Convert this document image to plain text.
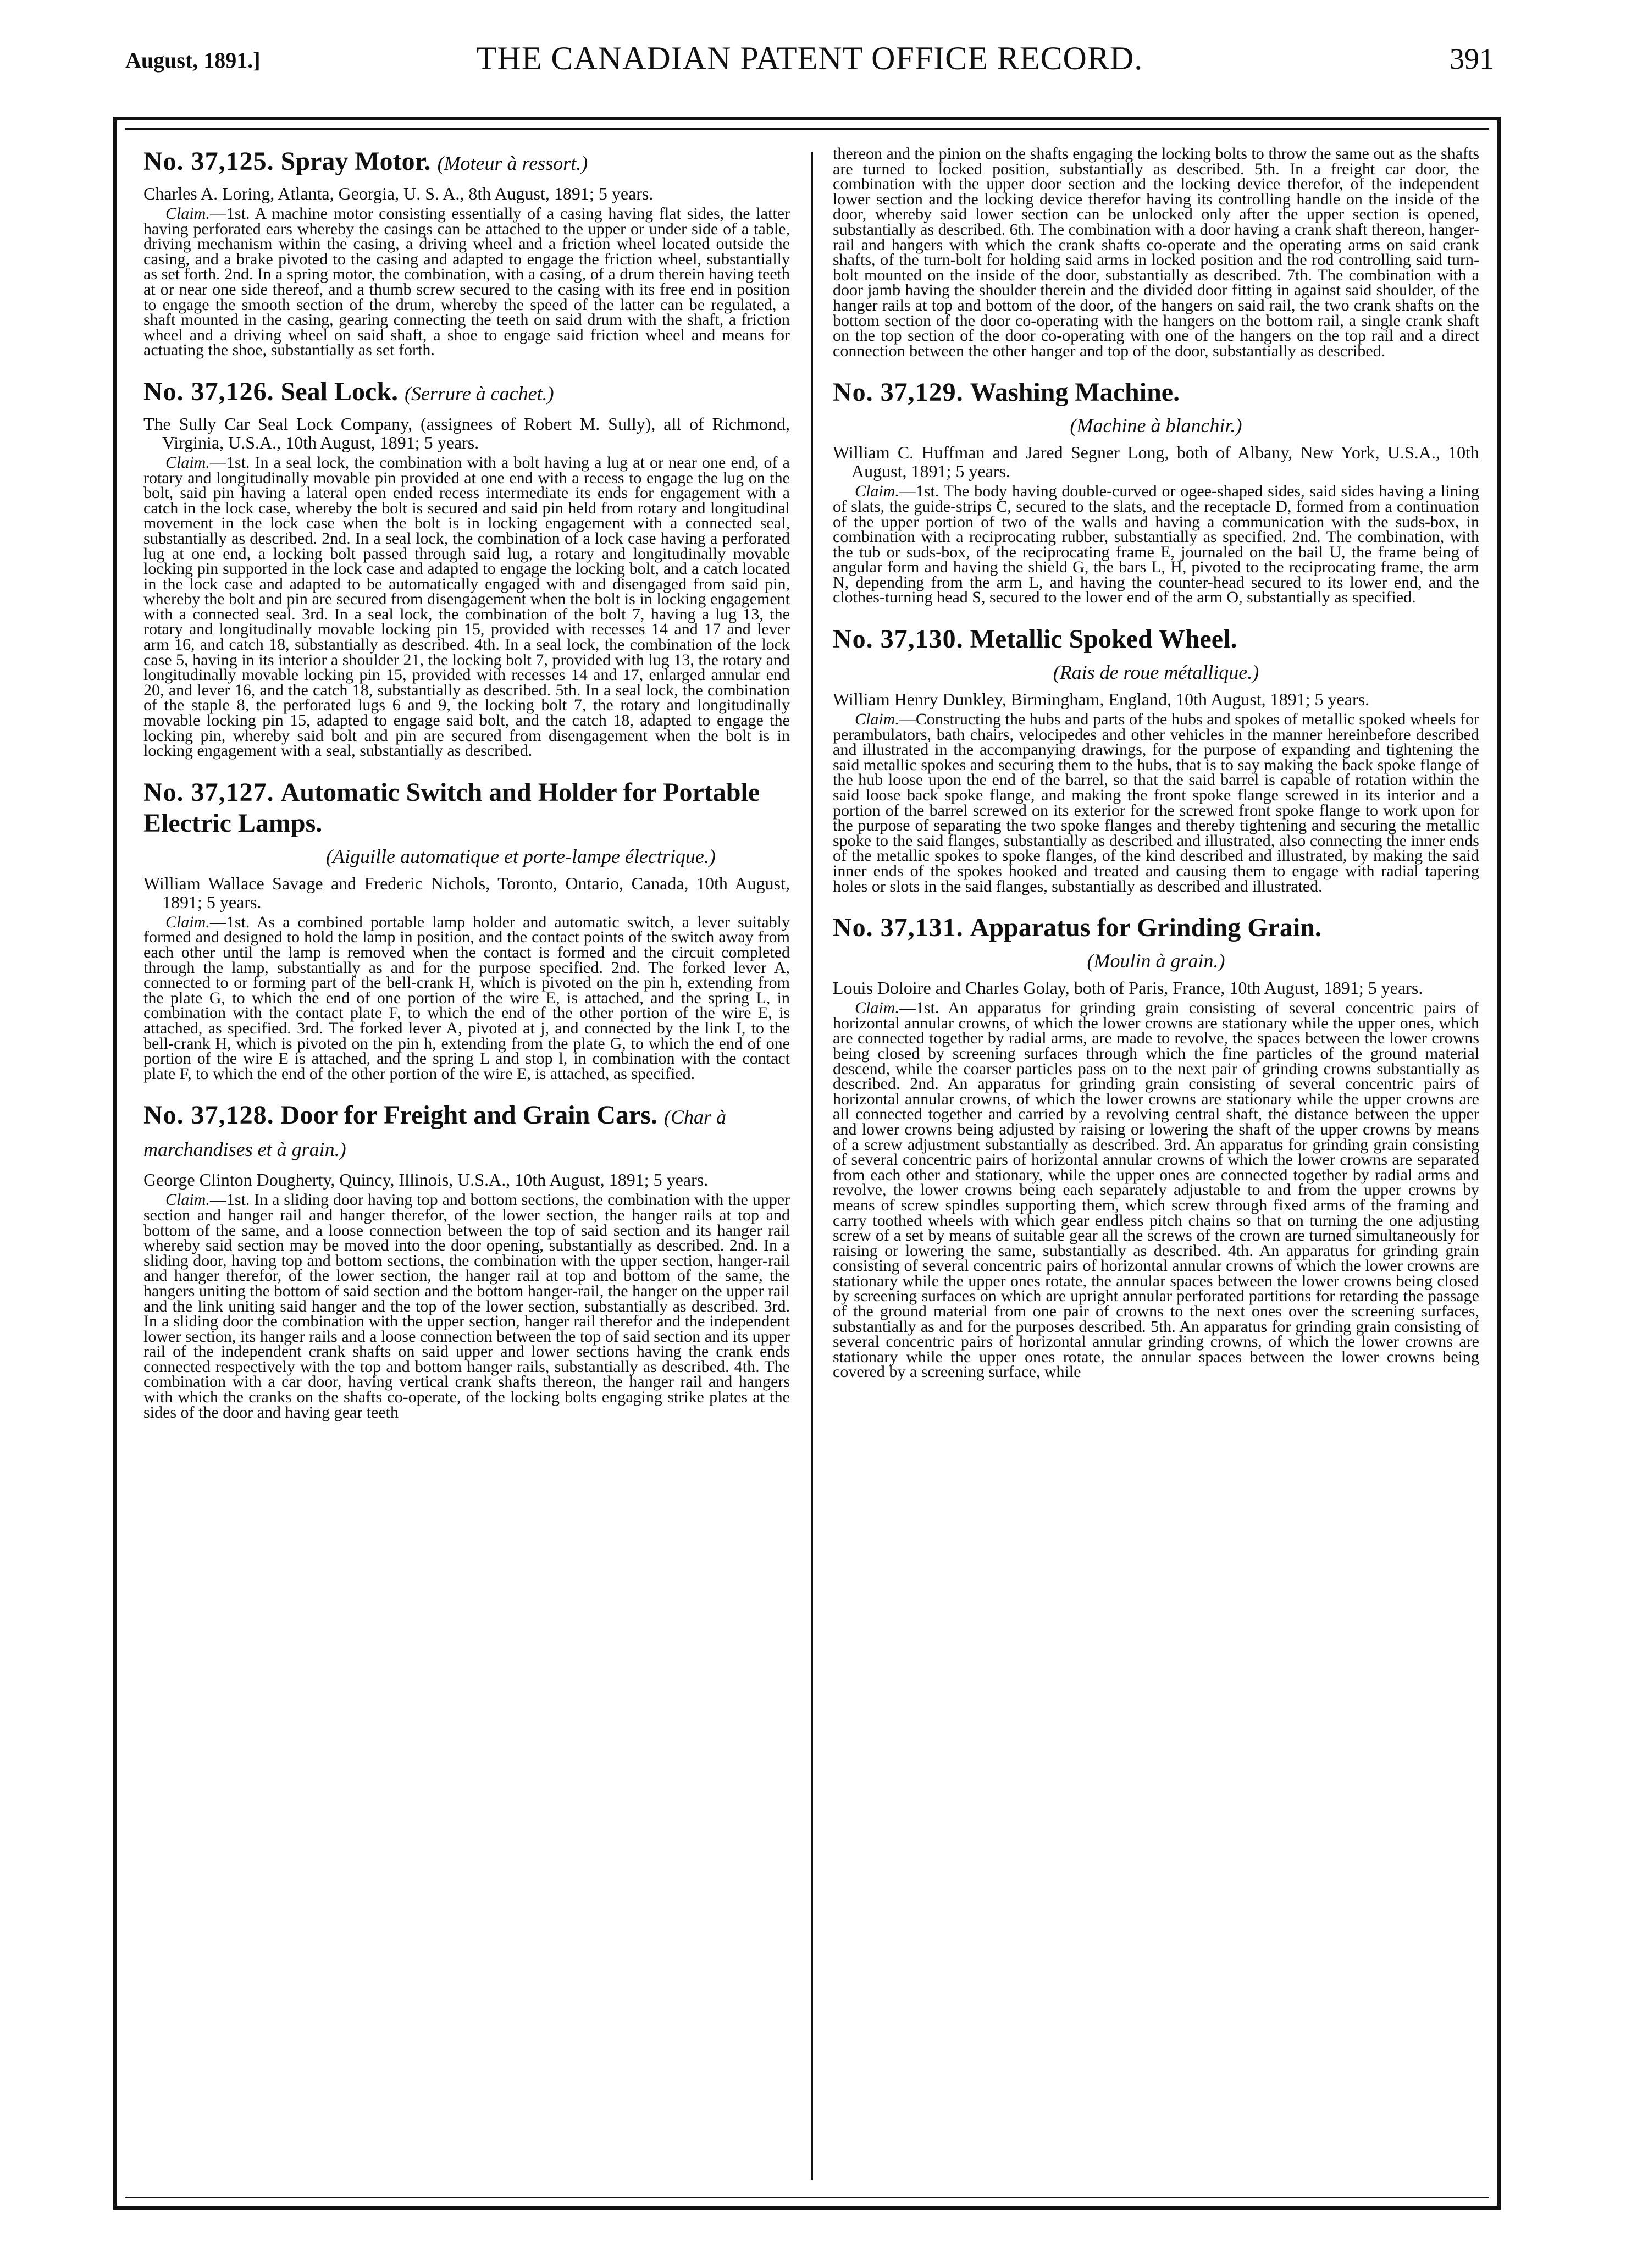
August, 1891.]	THE CANADIAN PATENT OFFICE RECORD.	391
No. 37,125. Spray Motor. (Moteur à ressort.)

Charles A. Loring, Atlanta, Georgia, U. S. A., 8th August, 1891; 5 years.

Claim.—1st. A machine motor consisting essentially of a casing having flat sides, the latter having perforated ears whereby the casings can be attached to the upper or under side of a table, driving mechanism within the casing, a driving wheel and a friction wheel located outside the casing, and a brake pivoted to the casing and adapted to engage the friction wheel, substantially as set forth. 2nd. In a spring motor, the combination, with a casing, of a drum therein having teeth at or near one side thereof, and a thumb screw secured to the casing with its free end in position to engage the smooth section of the drum, whereby the speed of the latter can be regulated, a shaft mounted in the casing, gearing connecting the teeth on said drum with the shaft, a friction wheel and a driving wheel on said shaft, a shoe to engage said friction wheel and means for actuating the shoe, substantially as set forth.

No. 37,126. Seal Lock. (Serrure à cachet.)

The Sully Car Seal Lock Company, (assignees of Robert M. Sully), all of Richmond, Virginia, U.S.A., 10th August, 1891; 5 years.

Claim.—1st. In a seal lock, the combination with a bolt having a lug at or near one end, of a rotary and longitudinally movable pin provided at one end with a recess to engage the lug on the bolt, said pin having a lateral open ended recess intermediate its ends for engagement with a catch in the lock case, whereby the bolt is secured and said pin held from rotary and longitudinal movement in the lock case when the bolt is in locking engagement with a connected seal, substantially as described. 2nd. In a seal lock, the combination of a lock case having a perforated lug at one end, a locking bolt passed through said lug, a rotary and longitudinally movable locking pin supported in the lock case and adapted to engage the locking bolt, and a catch located in the lock case and adapted to be automatically engaged with and disengaged from said pin, whereby the bolt and pin are secured from disengagement when the bolt is in locking engagement with a connected seal. 3rd. In a seal lock, the combination of the bolt 7, having a lug 13, the rotary and longitudinally movable locking pin 15, provided with recesses 14 and 17 and lever arm 16, and catch 18, substantially as described. 4th. In a seal lock, the combination of the lock case 5, having in its interior a shoulder 21, the locking bolt 7, provided with lug 13, the rotary and longitudinally movable locking pin 15, provided with recesses 14 and 17, enlarged annular end 20, and lever 16, and the catch 18, substantially as described. 5th. In a seal lock, the combination of the staple 8, the perforated lugs 6 and 9, the locking bolt 7, the rotary and longitudinally movable locking pin 15, adapted to engage said bolt, and the catch 18, adapted to engage the locking pin, whereby said bolt and pin are secured from disengagement when the bolt is in locking engagement with a seal, substantially as described.

No. 37,127. Automatic Switch and Holder for Portable Electric Lamps.
(Aiguille automatique et porte-lampe électrique.)

William Wallace Savage and Frederic Nichols, Toronto, Ontario, Canada, 10th August, 1891; 5 years.

Claim.—1st. As a combined portable lamp holder and automatic switch, a lever suitably formed and designed to hold the lamp in position, and the contact points of the switch away from each other until the lamp is removed when the contact is formed and the circuit completed through the lamp, substantially as and for the purpose specified. 2nd. The forked lever A, connected to or forming part of the bell-crank H, which is pivoted on the pin h, extending from the plate G, to which the end of one portion of the wire E, is attached, and the spring L, in combination with the contact plate F, to which the end of the other portion of the wire E, is attached, as specified. 3rd. The forked lever A, pivoted at j, and connected by the link I, to the bell-crank H, which is pivoted on the pin h, extending from the plate G, to which the end of one portion of the wire E is attached, and the spring L and stop l, in combination with the contact plate F, to which the end of the other portion of the wire E, is attached, as specified.

No. 37,128. Door for Freight and Grain Cars. (Char à marchandises et à grain.)

George Clinton Dougherty, Quincy, Illinois, U.S.A., 10th August, 1891; 5 years.

Claim.—1st. In a sliding door having top and bottom sections, the combination with the upper section and hanger rail and hanger therefor, of the lower section, the hanger rails at top and bottom of the same, and a loose connection between the top of said section and its hanger rail whereby said section may be moved into the door opening, substantially as described. 2nd. In a sliding door, having top and bottom sections, the combination with the upper section, hanger-rail and hanger therefor, of the lower section, the hanger rail at top and bottom of the same, the hangers uniting the bottom of said section and the bottom hanger-rail, the hanger on the upper rail and the link uniting said hanger and the top of the lower section, substantially as described. 3rd. In a sliding door the combination with the upper section, hanger rail therefor and the independent lower section, its hanger rails and a loose connection between the top of said section and its upper rail of the independent crank shafts on said upper and lower sections having the crank ends connected respectively with the top and bottom hanger rails, substantially as described. 4th. The combination with a car door, having vertical crank shafts thereon, the hanger rail and hangers with which the cranks on the shafts co-operate, of the locking bolts engaging strike plates at the sides of the door and having gear teeth

thereon and the pinion on the shafts engaging the locking bolts to throw the same out as the shafts are turned to locked position, substantially as described. 5th. In a freight car door, the combination with the upper door section and the locking device therefor, of the independent lower section and the locking device therefor having its controlling handle on the inside of the door, whereby said lower section can be unlocked only after the upper section is opened, substantially as described. 6th. The combination with a door having a crank shaft thereon, hanger-rail and hangers with which the crank shafts co-operate and the operating arms on said crank shafts, of the turn-bolt for holding said arms in locked position and the rod controlling said turn-bolt mounted on the inside of the door, substantially as described. 7th. The combination with a door jamb having the shoulder therein and the divided door fitting in against said shoulder, of the hanger rails at top and bottom of the door, of the hangers on said rail, the two crank shafts on the bottom section of the door co-operating with the hangers on the bottom rail, a single crank shaft on the top section of the door co-operating with one of the hangers on the top rail and a direct connection between the other hanger and top of the door, substantially as described.

No. 37,129. Washing Machine.
(Machine à blanchir.)

William C. Huffman and Jared Segner Long, both of Albany, New York, U.S.A., 10th August, 1891; 5 years.

Claim.—1st. The body having double-curved or ogee-shaped sides, said sides having a lining of slats, the guide-strips C, secured to the slats, and the receptacle D, formed from a continuation of the upper portion of two of the walls and having a communication with the suds-box, in combination with a reciprocating rubber, substantially as specified. 2nd. The combination, with the tub or suds-box, of the reciprocating frame E, journaled on the bail U, the frame being of angular form and having the shield G, the bars L, H, pivoted to the reciprocating frame, the arm N, depending from the arm L, and having the counter-head secured to its lower end, and the clothes-turning head S, secured to the lower end of the arm O, substantially as specified.

No. 37,130. Metallic Spoked Wheel.
(Rais de roue métallique.)

William Henry Dunkley, Birmingham, England, 10th August, 1891; 5 years.

Claim.—Constructing the hubs and parts of the hubs and spokes of metallic spoked wheels for perambulators, bath chairs, velocipedes and other vehicles in the manner hereinbefore described and illustrated in the accompanying drawings, for the purpose of expanding and tightening the said metallic spokes and securing them to the hubs, that is to say making the back spoke flange of the hub loose upon the end of the barrel, so that the said barrel is capable of rotation within the said loose back spoke flange, and making the front spoke flange screwed in its interior and a portion of the barrel screwed on its exterior for the screwed front spoke flange to work upon for the purpose of separating the two spoke flanges and thereby tightening and securing the metallic spoke to the said flanges, substantially as described and illustrated, also connecting the inner ends of the metallic spokes to spoke flanges, of the kind described and illustrated, by making the said inner ends of the spokes hooked and treated and causing them to engage with radial tapering holes or slots in the said flanges, substantially as described and illustrated.

No. 37,131. Apparatus for Grinding Grain.
(Moulin à grain.)

Louis Doloire and Charles Golay, both of Paris, France, 10th August, 1891; 5 years.

Claim.—1st. An apparatus for grinding grain consisting of several concentric pairs of horizontal annular crowns, of which the lower crowns are stationary while the upper ones, which are connected together by radial arms, are made to revolve, the spaces between the lower crowns being closed by screening surfaces through which the fine particles of the ground material descend, while the coarser particles pass on to the next pair of grinding crowns substantially as described. 2nd. An apparatus for grinding grain consisting of several concentric pairs of horizontal annular crowns, of which the lower crowns are stationary while the upper crowns are all connected together and carried by a revolving central shaft, the distance between the upper and lower crowns being adjusted by raising or lowering the shaft of the upper crowns by means of a screw adjustment substantially as described. 3rd. An apparatus for grinding grain consisting of several concentric pairs of horizontal annular crowns of which the lower crowns are separated from each other and stationary, while the upper ones are connected together by radial arms and revolve, the lower crowns being each separately adjustable to and from the upper crowns by means of screw spindles supporting them, which screw through fixed arms of the framing and carry toothed wheels with which gear endless pitch chains so that on turning the one adjusting screw of a set by means of suitable gear all the screws of the crown are turned simultaneously for raising or lowering the same, substantially as described. 4th. An apparatus for grinding grain consisting of several concentric pairs of horizontal annular crowns of which the lower crowns are stationary while the upper ones rotate, the annular spaces between the lower crowns being closed by screening surfaces on which are upright annular perforated partitions for retarding the passage of the ground material from one pair of crowns to the next ones over the screening surfaces, substantially as and for the purposes described. 5th. An apparatus for grinding grain consisting of several concentric pairs of horizontal annular grinding crowns, of which the lower crowns are stationary while the upper ones rotate, the annular spaces between the lower crowns being covered by a screening surface, while
